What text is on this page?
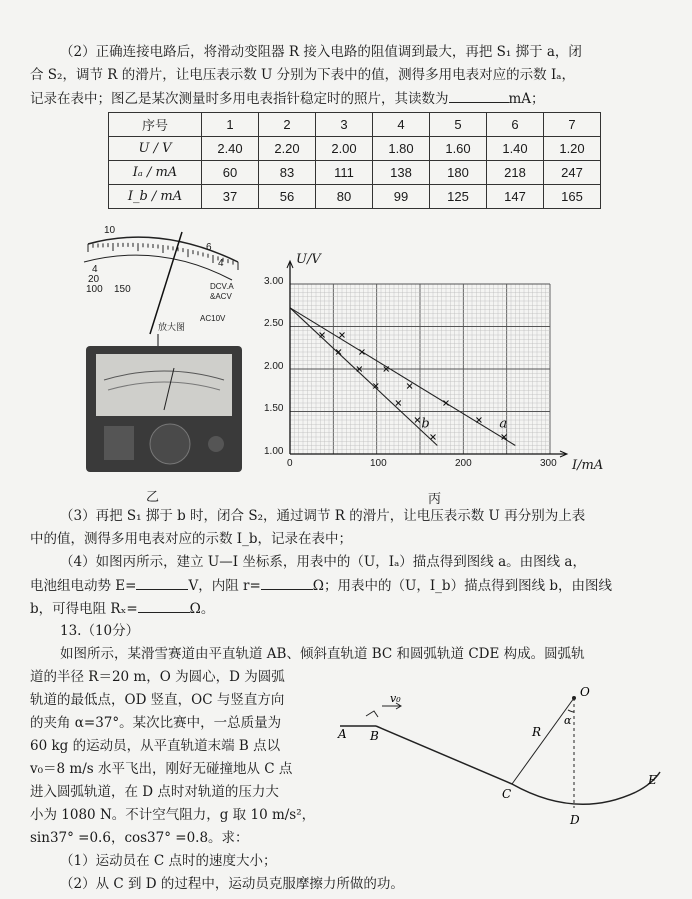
（2）正确连接电路后，将滑动变阻器 R 接入电路的阻值调到最大，再把 S₁ 掷于 a，闭
合 S₂，调节 R 的滑片，让电压表示数 U 分别为下表中的值，测得多用电表对应的示数 Iₐ，
记录在表中；图乙是某次测量时多用电表指针稳定时的照片，其读数为	mA；
序号	1	2	3	4	5	6	7
U / V	2.40	2.20	2.00	1.80	1.60	1.40	1.20
Iₐ / mA	60	83	111	138	180	218	247
I_b / mA	37	56	80	99	125	147	165
10
6
4
4
20
100 150	DCV.A
&ACV
AC10V
放大图
乙
a
b
U/V
I/mA
3.00
2.50
2.00
1.50
1.00
0	100	200	300
丙
（3）再把 S₁ 掷于 b 时，闭合 S₂，通过调节 R 的滑片，让电压表示数 U 再分别为上表
中的值，测得多用电表对应的示数 I_b，记录在表中；
（4）如图丙所示，建立 U—I 坐标系，用表中的（U，Iₐ）描点得到图线 a。由图线 a，
电池组电动势 E=	V，内阻 r=	Ω；用表中的（U，I_b）描点得到图线 b，由图线
b，可得电阻 Rₓ=	Ω。
13.（10分）
如图所示，某滑雪赛道由平直轨道 AB、倾斜直轨道 BC 和圆弧轨道 CDE 构成。圆弧轨
道的半径 R＝20 m，O 为圆心，D 为圆弧
轨道的最低点，OD 竖直，OC 与竖直方向
的夹角 α=37°。某次比赛中，一总质量为
60 kg 的运动员，从平直轨道末端 B 点以
v₀＝8 m/s 水平飞出，刚好无碰撞地从 C 点
进入圆弧轨道，在 D 点时对轨道的压力大
小为 1080 N。不计空气阻力，g 取 10 m/s²，
sin37° =0.6，cos37° =0.8。求：
（1）运动员在 C 点时的速度大小；
（2）从 C 到 D 的过程中，运动员克服摩擦力所做的功。
A B
C
D
E
O
R
α
v₀
